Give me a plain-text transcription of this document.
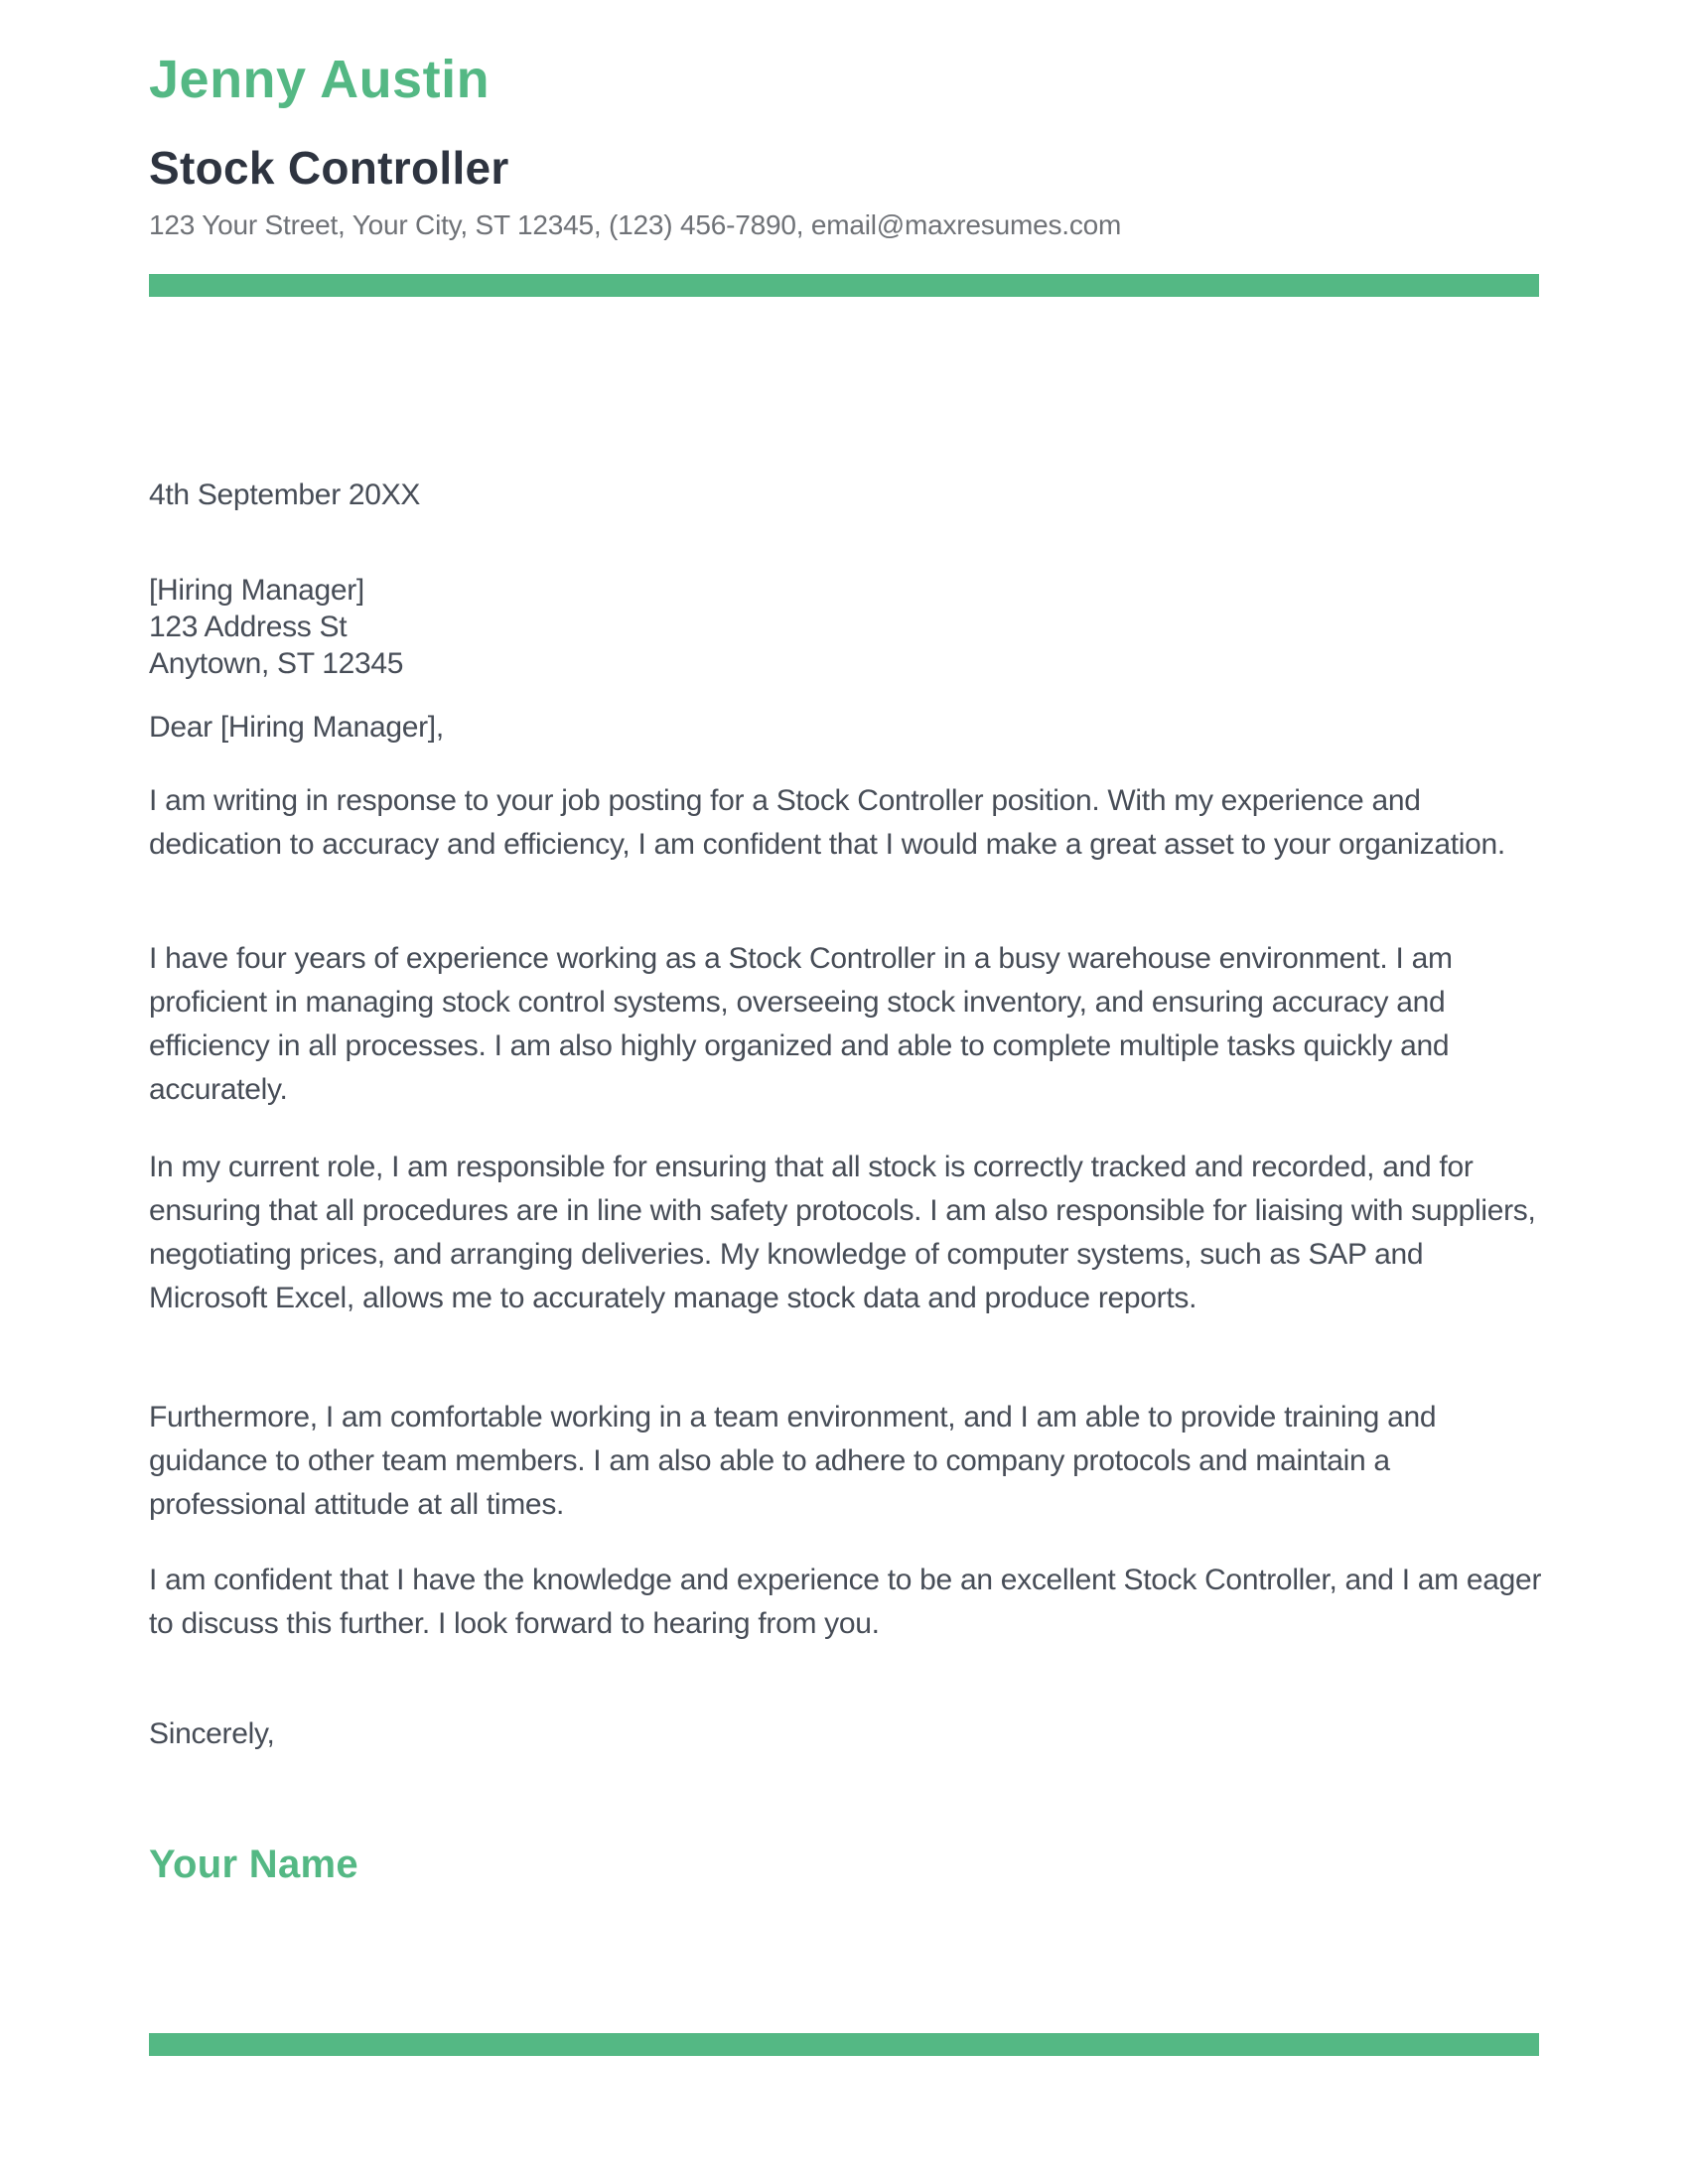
Jenny Austin
Stock Controller
123 Your Street, Your City, ST 12345, (123) 456-7890, email@maxresumes.com
4th September 20XX
[Hiring Manager]
123 Address St
Anytown, ST 12345
Dear [Hiring Manager],

I am writing in response to your job posting for a Stock Controller position. With my experience and dedication to accuracy and efficiency, I am confident that I would make a great asset to your organization.

I have four years of experience working as a Stock Controller in a busy warehouse environment. I am proficient in managing stock control systems, overseeing stock inventory, and ensuring accuracy and efficiency in all processes. I am also highly organized and able to complete multiple tasks quickly and accurately.

In my current role, I am responsible for ensuring that all stock is correctly tracked and recorded, and for ensuring that all procedures are in line with safety protocols. I am also responsible for liaising with suppliers, negotiating prices, and arranging deliveries. My knowledge of computer systems, such as SAP and Microsoft Excel, allows me to accurately manage stock data and produce reports.

Furthermore, I am comfortable working in a team environment, and I am able to provide training and guidance to other team members. I am also able to adhere to company protocols and maintain a professional attitude at all times.

I am confident that I have the knowledge and experience to be an excellent Stock Controller, and I am eager to discuss this further. I look forward to hearing from you.

Sincerely,
Your Name
